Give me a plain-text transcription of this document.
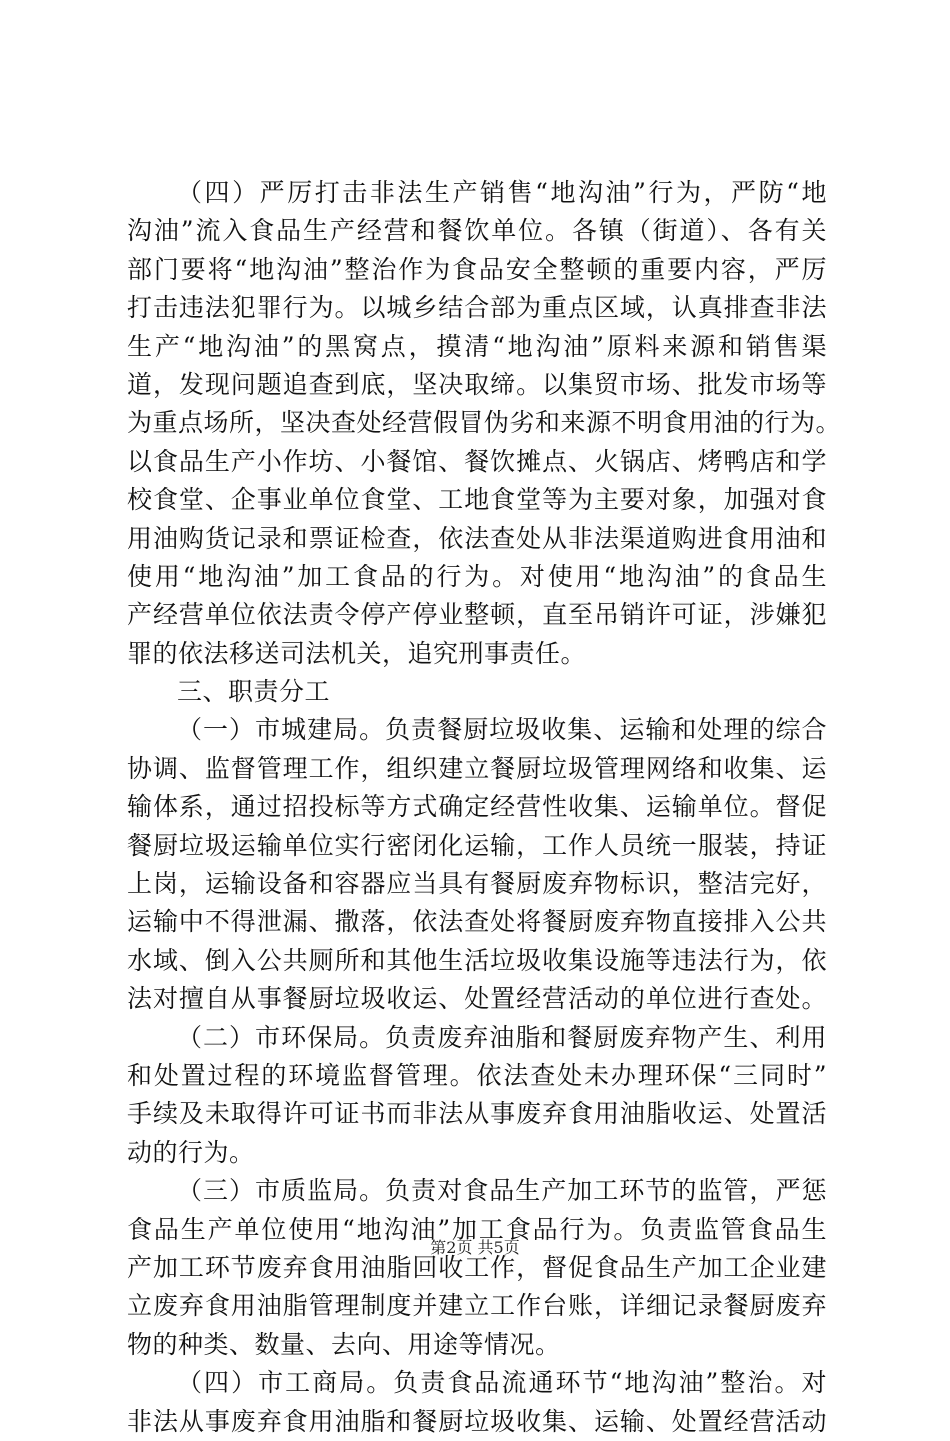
（四）严厉打击非法生产销售“地沟油”行为，严防“地
沟油”流入食品生产经营和餐饮单位。各镇（街道）、各有关
部门要将“地沟油”整治作为食品安全整顿的重要内容，严厉
打击违法犯罪行为。以城乡结合部为重点区域，认真排查非法
生产“地沟油”的黑窝点，摸清“地沟油”原料来源和销售渠
道，发现问题追查到底，坚决取缔。以集贸市场、批发市场等
为重点场所，坚决查处经营假冒伪劣和来源不明食用油的行为。
以食品生产小作坊、小餐馆、餐饮摊点、火锅店、烤鸭店和学
校食堂、企事业单位食堂、工地食堂等为主要对象，加强对食
用油购货记录和票证检查，依法查处从非法渠道购进食用油和
使用“地沟油”加工食品的行为。对使用“地沟油”的食品生
产经营单位依法责令停产停业整顿，直至吊销许可证，涉嫌犯
罪的依法移送司法机关，追究刑事责任。
三、职责分工
（一）市城建局。负责餐厨垃圾收集、运输和处理的综合
协调、监督管理工作，组织建立餐厨垃圾管理网络和收集、运
输体系，通过招投标等方式确定经营性收集、运输单位。督促
餐厨垃圾运输单位实行密闭化运输，工作人员统一服装，持证
上岗，运输设备和容器应当具有餐厨废弃物标识，整洁完好，
运输中不得泄漏、撒落，依法查处将餐厨废弃物直接排入公共
水域、倒入公共厕所和其他生活垃圾收集设施等违法行为，依
法对擅自从事餐厨垃圾收运、处置经营活动的单位进行查处。
（二）市环保局。负责废弃油脂和餐厨废弃物产生、利用
和处置过程的环境监督管理。依法查处未办理环保“三同时”
手续及未取得许可证书而非法从事废弃食用油脂收运、处置活
动的行为。
（三）市质监局。负责对食品生产加工环节的监管，严惩
食品生产单位使用“地沟油”加工食品行为。负责监管食品生
产加工环节废弃食用油脂回收工作，督促食品生产加工企业建
立废弃食用油脂管理制度并建立工作台账，详细记录餐厨废弃
物的种类、数量、去向、用途等情况。
（四）市工商局。负责食品流通环节“地沟油”整治。对
非法从事废弃食用油脂和餐厨垃圾收集、运输、处置经营活动
第2页 共5页
